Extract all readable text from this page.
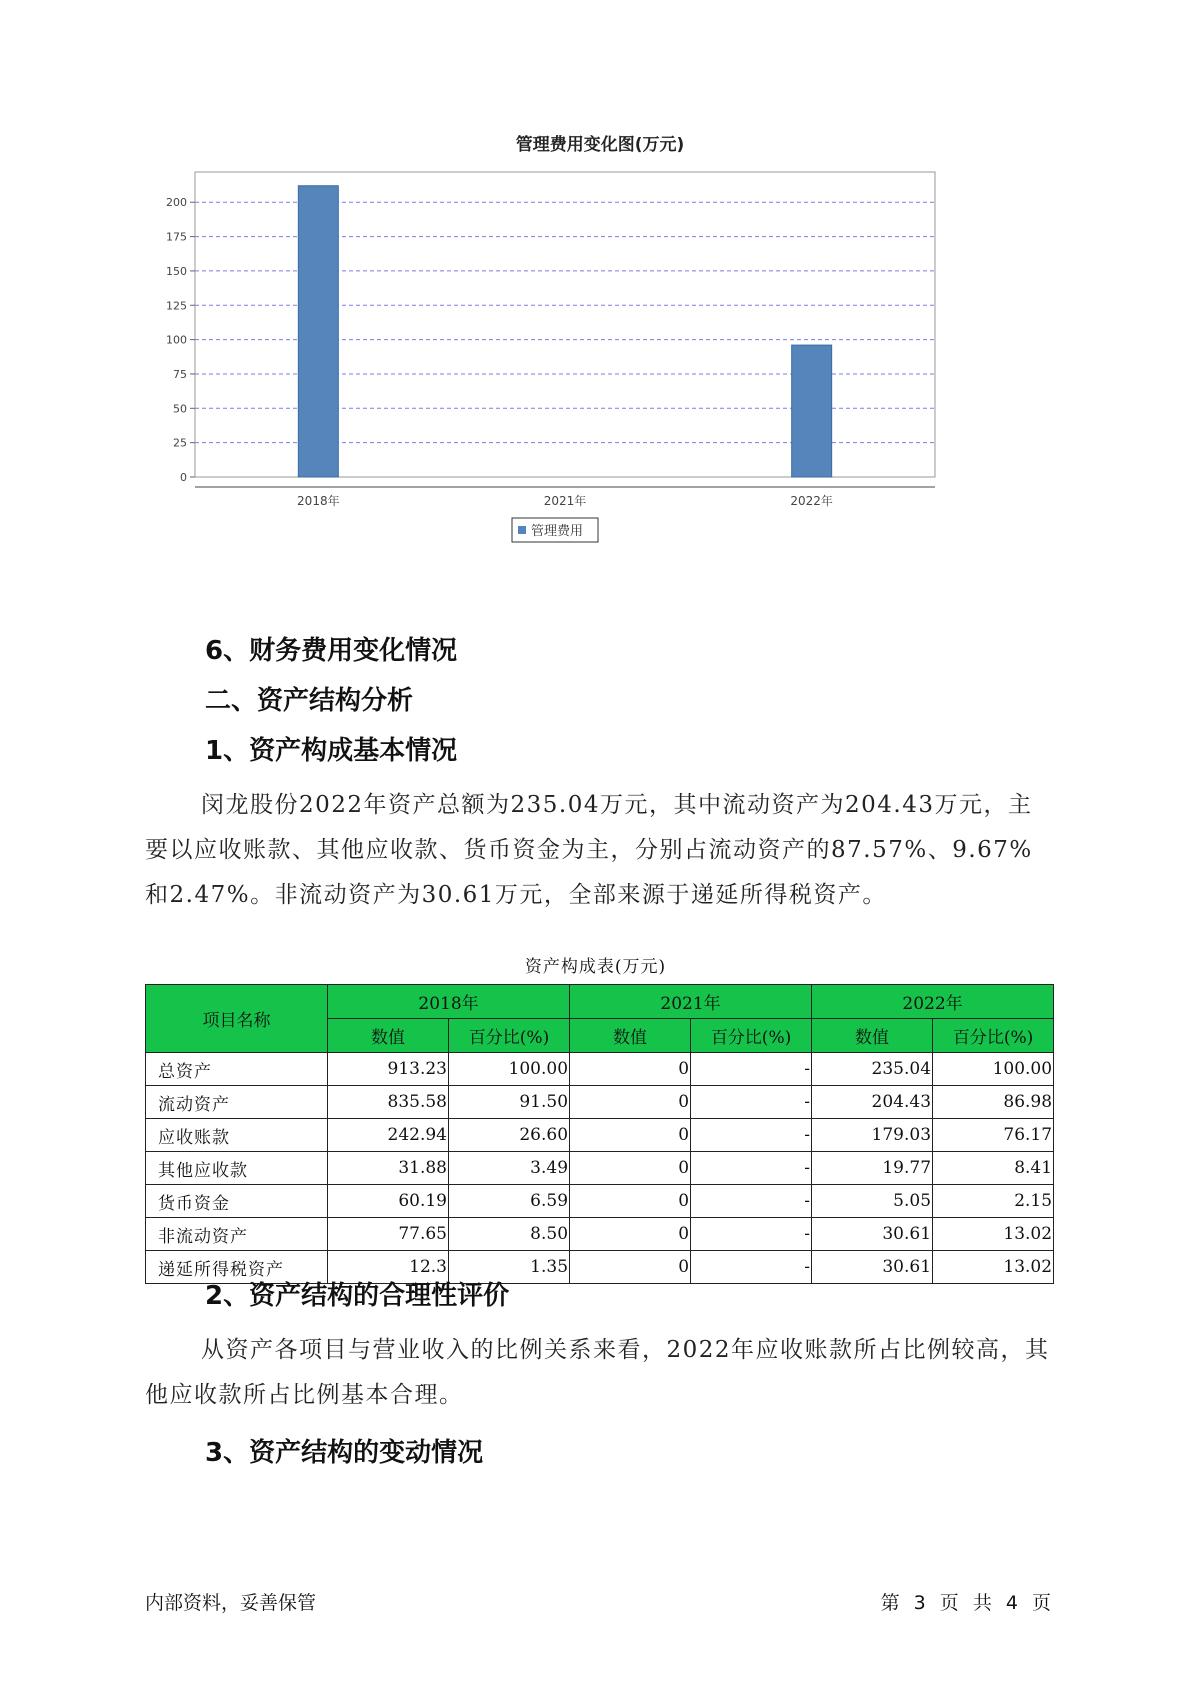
管理费用变化图(万元)
0
25
50
75
100
125
150
175
200
2018年	2021年	2022年
管理费用
6、财务费用变化情况
二、资产结构分析
1、资产构成基本情况

闵龙股份2022年资产总额为235.04万元，其中流动资产为204.43万元，主要以应收账款、其他应收款、货币资金为主，分别占流动资产的87.57%、9.67%和2.47%。非流动资产为30.61万元，全部来源于递延所得税资产。

资产构成表(万元)
项目名称	2018年		2021年		2022年	
	数值	百分比(%)	数值	百分比(%)	数值	百分比(%)
总资产	913.23	100.00	0	-	235.04	100.00
流动资产	835.58	91.50	0	-	204.43	86.98
应收账款	242.94	26.60	0	-	179.03	76.17
其他应收款	31.88	3.49	0	-	19.77	8.41
货币资金	60.19	6.59	0	-	5.05	2.15
非流动资产	77.65	8.50	0	-	30.61	13.02
递延所得税资产	12.3	1.35	0	-	30.61	13.02
2、资产结构的合理性评价

从资产各项目与营业收入的比例关系来看，2022年应收账款所占比例较高，其他应收款所占比例基本合理。

3、资产结构的变动情况
内部资料，妥善保管	第 3 页 共 4 页
